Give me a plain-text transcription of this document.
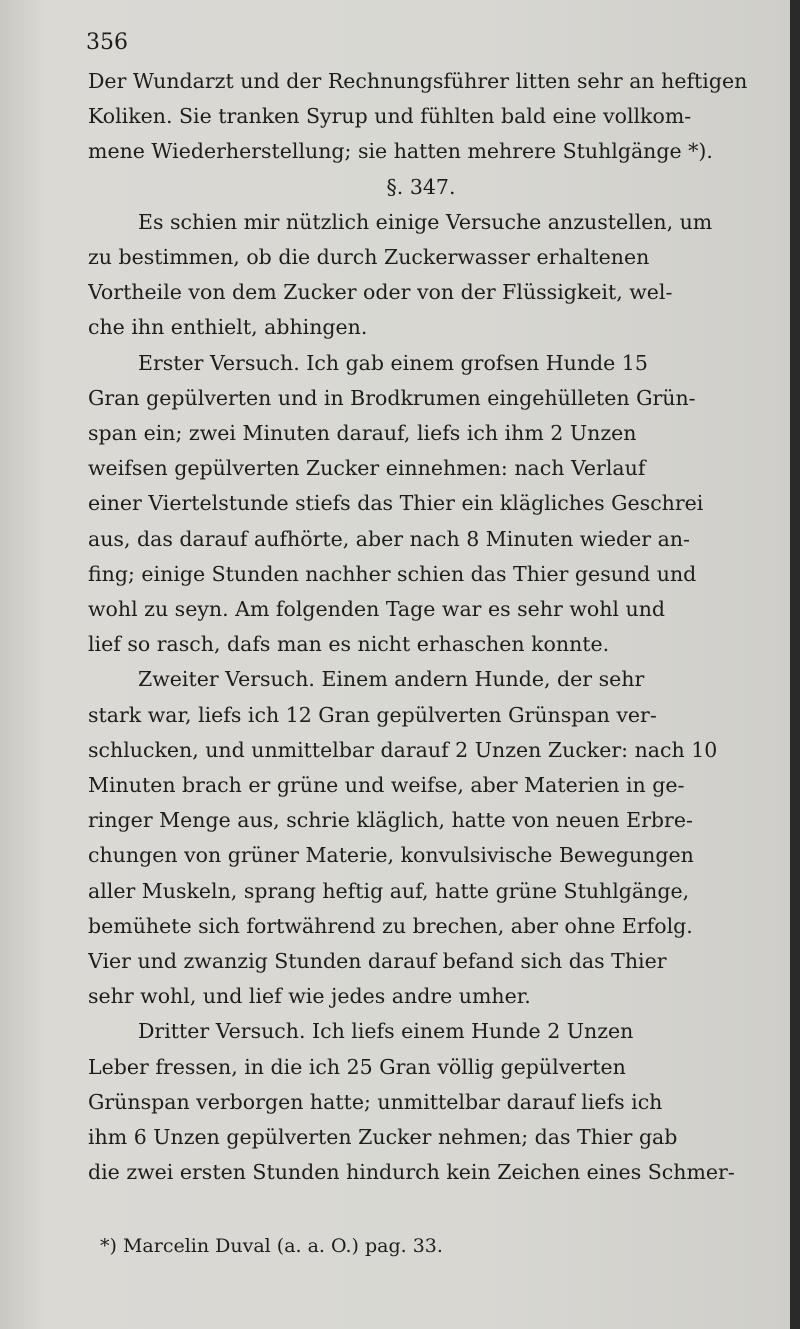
356
Der Wundarzt und der Rechnungsführer litten sehr an heftigen
Koliken. Sie tranken Syrup und fühlten bald eine vollkom-
mene Wiederherstellung; sie hatten mehrere Stuhlgänge *).
§. 347.
Es schien mir nützlich einige Versuche anzustellen, um
zu bestimmen, ob die durch Zuckerwasser erhaltenen
Vortheile von dem Zucker oder von der Flüssigkeit, wel-
che ihn enthielt, abhingen.
Erster Versuch. Ich gab einem grofsen Hunde 15
Gran gepülverten und in Brodkrumen eingehülleten Grün-
span ein; zwei Minuten darauf, liefs ich ihm 2 Unzen
weifsen gepülverten Zucker einnehmen: nach Verlauf
einer Viertelstunde stiefs das Thier ein klägliches Geschrei
aus, das darauf aufhörte, aber nach 8 Minuten wieder an-
fing; einige Stunden nachher schien das Thier gesund und
wohl zu seyn. Am folgenden Tage war es sehr wohl und
lief so rasch, dafs man es nicht erhaschen konnte.
Zweiter Versuch. Einem andern Hunde, der sehr
stark war, liefs ich 12 Gran gepülverten Grünspan ver-
schlucken, und unmittelbar darauf 2 Unzen Zucker: nach 10
Minuten brach er grüne und weifse, aber Materien in ge-
ringer Menge aus, schrie kläglich, hatte von neuen Erbre-
chungen von grüner Materie, konvulsivische Bewegungen
aller Muskeln, sprang heftig auf, hatte grüne Stuhlgänge,
bemühete sich fortwährend zu brechen, aber ohne Erfolg.
Vier und zwanzig Stunden darauf befand sich das Thier
sehr wohl, und lief wie jedes andre umher.
Dritter Versuch. Ich liefs einem Hunde 2 Unzen
Leber fressen, in die ich 25 Gran völlig gepülverten
Grünspan verborgen hatte; unmittelbar darauf liefs ich
ihm 6 Unzen gepülverten Zucker nehmen; das Thier gab
die zwei ersten Stunden hindurch kein Zeichen eines Schmer-
*) Marcelin Duval (a. a. O.) pag. 33.
